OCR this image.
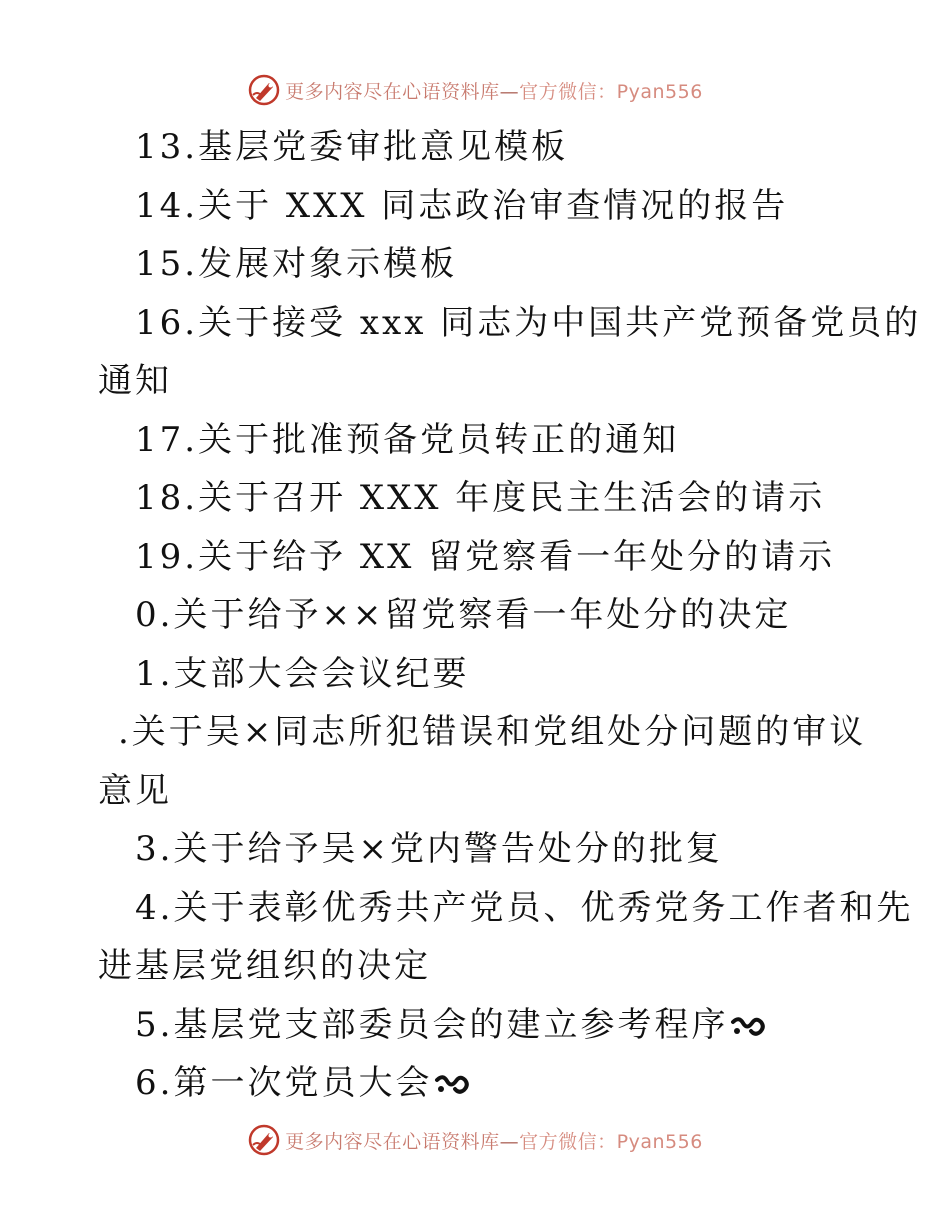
更多内容尽在心语资料库—官方微信：Pyan556
13.基层党委审批意见模板
14.关于 XXX 同志政治审查情况的报告
15.发展对象示模板
16.关于接受 xxx 同志为中国共产党预备党员的
通知
17.关于批准预备党员转正的通知
18.关于召开 XXX 年度民主生活会的请示
19.关于给予 XX 留党察看一年处分的请示
0.关于给予××留党察看一年处分的决定
1.支部大会会议纪要
.关于吴×同志所犯错误和党组处分问题的审议
意见
3.关于给予吴×党内警告处分的批复
4.关于表彰优秀共产党员、优秀党务工作者和先
进基层党组织的决定
5.基层党支部委员会的建立参考程序
6.第一次党员大会
更多内容尽在心语资料库—官方微信：Pyan556
